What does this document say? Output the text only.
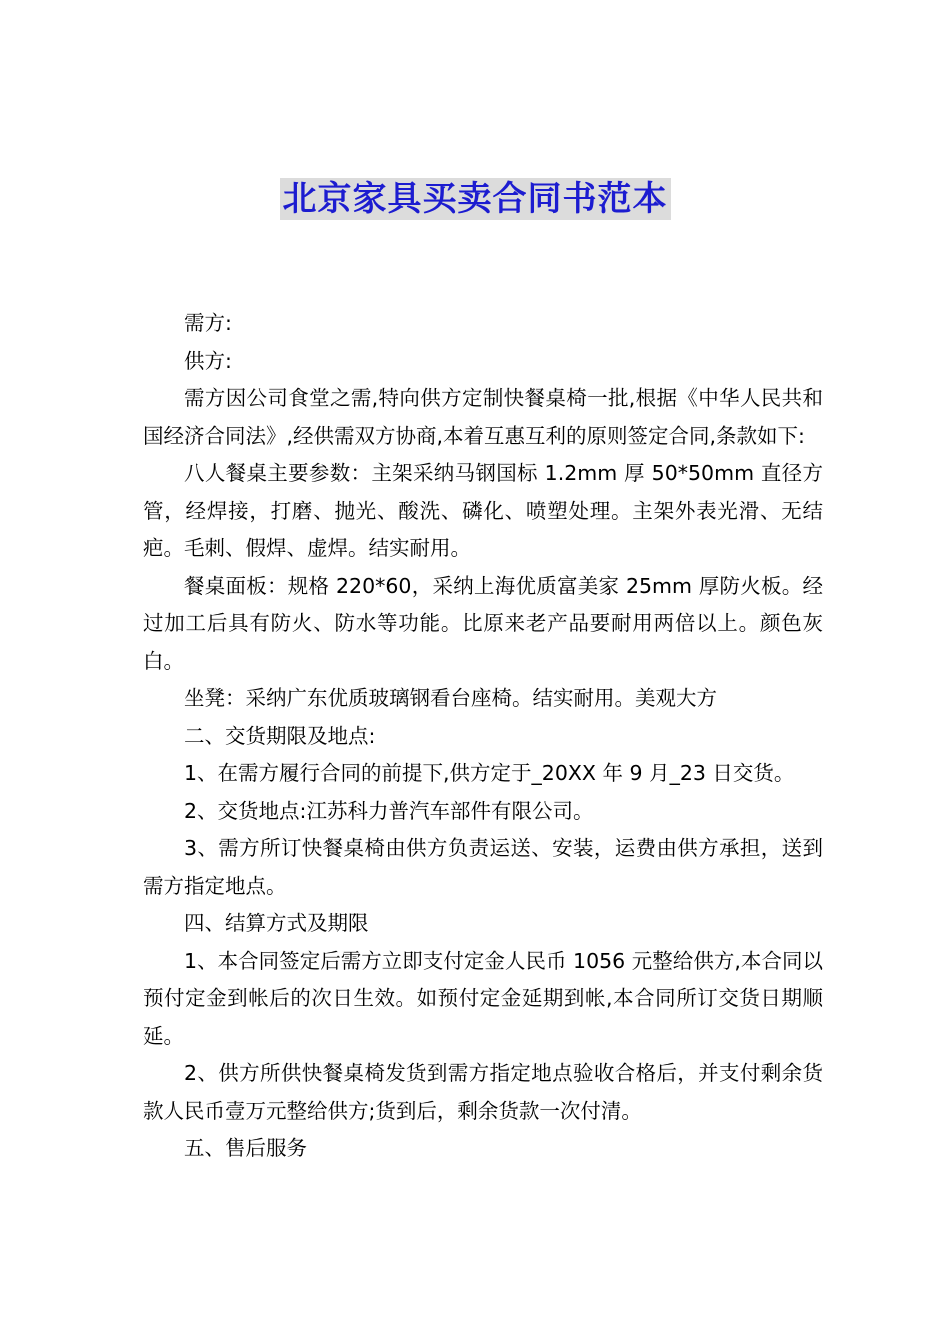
北京家具买卖合同书范本

需方:

供方:

需方因公司食堂之需,特向供方定制快餐桌椅一批,根据《中华人民共和国经济合同法》,经供需双方协商,本着互惠互利的原则签定合同,条款如下:

八人餐桌主要参数：主架采纳马钢国标 1.2mm 厚 50*50mm 直径方管，经焊接，打磨、抛光、酸洗、磷化、喷塑处理。主架外表光滑、无结疤。毛刺、假焊、虚焊。结实耐用。

餐桌面板：规格 220*60，采纳上海优质富美家 25mm 厚防火板。经过加工后具有防火、防水等功能。比原来老产品要耐用两倍以上。颜色灰白。

坐凳：采纳广东优质玻璃钢看台座椅。结实耐用。美观大方

二、交货期限及地点:

1、在需方履行合同的前提下,供方定于_20XX 年 9 月_23 日交货。

2、交货地点:江苏科力普汽车部件有限公司。

3、需方所订快餐桌椅由供方负责运送、安装，运费由供方承担，送到需方指定地点。

四、结算方式及期限

1、本合同签定后需方立即支付定金人民币 1056 元整给供方,本合同以预付定金到帐后的次日生效。如预付定金延期到帐,本合同所订交货日期顺延。

2、供方所供快餐桌椅发货到需方指定地点验收合格后，并支付剩余货款人民币壹万元整给供方;货到后，剩余货款一次付清。

五、售后服务
